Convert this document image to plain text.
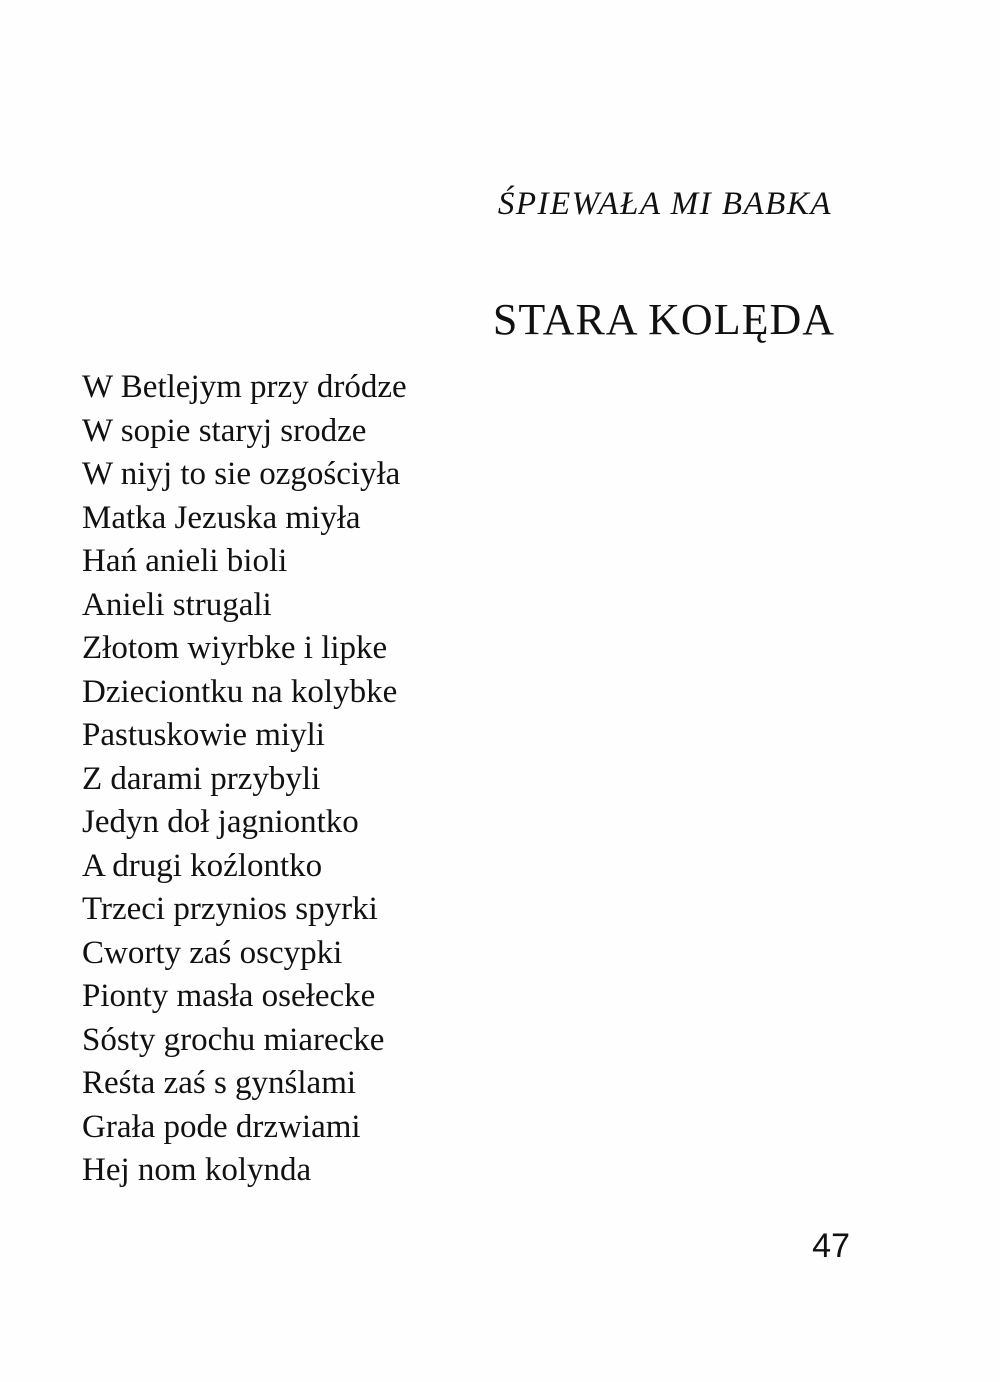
ŚPIEWAŁA MI BABKA
STARA KOLĘDA
W Betlejym przy dródze
W sopie staryj srodze
W niyj to sie ozgościyła
Matka Jezuska miyła
Hań anieli bioli
Anieli strugali
Złotom wiyrbke i lipke
Dzieciontku na kolybke
Pastuskowie miyli
Z darami przybyli
Jedyn doł jagniontko
A drugi koźlontko
Trzeci przynios spyrki
Cworty zaś oscypki
Pionty masła osełecke
Sósty grochu miarecke
Reśta zaś s gynślami
Grała pode drzwiami
Hej nom kolynda
47
